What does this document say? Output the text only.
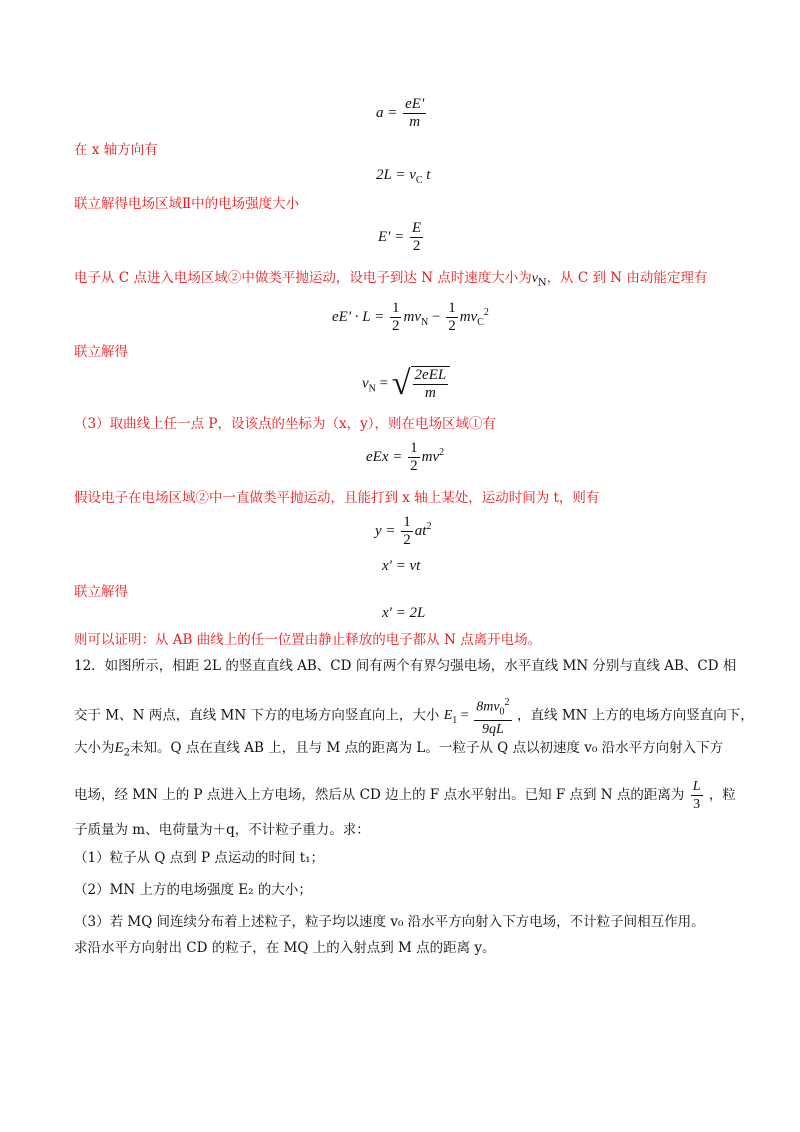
$a = \frac{eE'}{m}$
在 x 轴方向有
$2L = v_C$ t
联立解得电场区域Ⅱ中的电场强度大小
$E' = \frac{E}{2}$
电子从 C 点进入电场区域②中做类平抛运动，设电子到达 N 点时速度大小为$v_N$，从 C 到 N 由动能定理有
$eE' \cdot L = \frac{1}{2} mv_N - \frac{1}{2} mv_C^2$
联立解得
$v_N$ = √ $\frac{\text{2eEL}}{m}$
（3）取曲线上任一点 P，设该点的坐标为（x，y），则在电场区域①有
eEx = $\frac{1}{2} mv^2$
假设电子在电场区域②中一直做类平抛运动，且能打到 x 轴上某处，运动时间为 t，则有
$y = \frac{1}{2} at^2$
x' = vt
联立解得
x' = 2L
则可以证明：从 AB 曲线上的任一位置由静止释放的电子都从 N 点离开电场。
12．如图所示，相距 2L 的竖直直线 AB、CD 间有两个有界匀强电场，水平直线 MN 分别与直线 AB、CD 相
交于 M、N 两点，直线 MN 下方的电场方向竖直向上，大小 $E_1 = \frac{8mv_0^2}{9qL}$ ，直线 MN 上方的电场方向竖直向下，
大小为$E_2$未知。Q 点在直线 AB 上，且与 M 点的距离为 L。一粒子从 Q 点以初速度 v₀ 沿水平方向射入下方
电场，经 MN 上的 P 点进入上方电场，然后从 CD 边上的 F 点水平射出。已知 F 点到 N 点的距离为 $\frac{L}{3}$ ，粒
子质量为 m、电荷量为＋q，不计粒子重力。求：
（1）粒子从 Q 点到 P 点运动的时间 t₁；
（2）MN 上方的电场强度 E₂ 的大小；
（3）若 MQ 间连续分布着上述粒子，粒子均以速度 v₀ 沿水平方向射入下方电场，不计粒子间相互作用。
求沿水平方向射出 CD 的粒子，在 MQ 上的入射点到 M 点的距离 y。
